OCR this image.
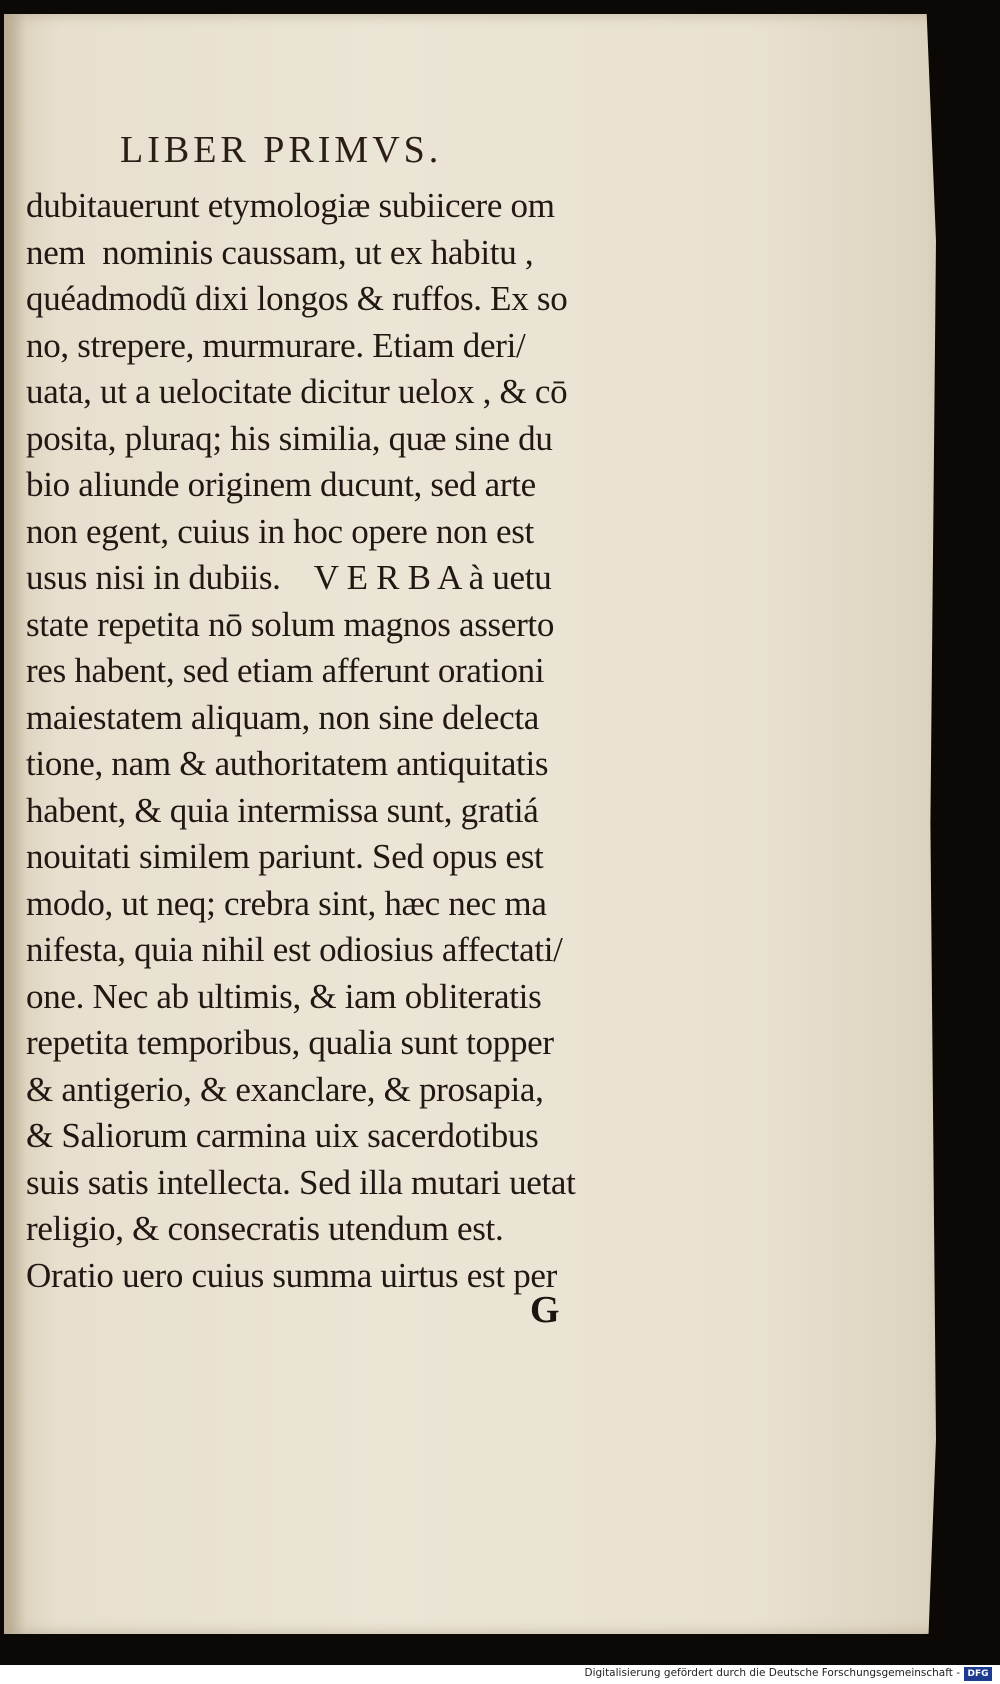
LIBER PRIMVS.
dubitauerunt etymologiæ subiicere om
nem  nominis caussam, ut ex habitu ,
quéadmodũ dixi longos & ruffos. Ex so
no, strepere, murmurare. Etiam deri/
uata, ut a uelocitate dicitur uelox , & cō
posita, pluraq; his similia, quæ sine du
bio aliunde originem ducunt, sed arte
non egent, cuius in hoc opere non est
usus nisi in dubiis.    V E R B A à uetu
state repetita nō solum magnos asserto
res habent, sed etiam afferunt orationi
maiestatem aliquam, non sine delecta
tione, nam & authoritatem antiquitatis
habent, & quia intermissa sunt, gratiá
nouitati similem pariunt. Sed opus est
modo, ut neq; crebra sint, hæc nec ma
nifesta, quia nihil est odiosius affectati/
one. Nec ab ultimis, & iam obliteratis
repetita temporibus, qualia sunt topper
& antigerio, & exanclare, & prosapia,
& Saliorum carmina uix sacerdotibus
suis satis intellecta. Sed illa mutari uetat
religio, & consecratis utendum est.
Oratio uero cuius summa uirtus est per
G
Digitalisierung gefördert durch die Deutsche Forschungsgemeinschaft - DFG
